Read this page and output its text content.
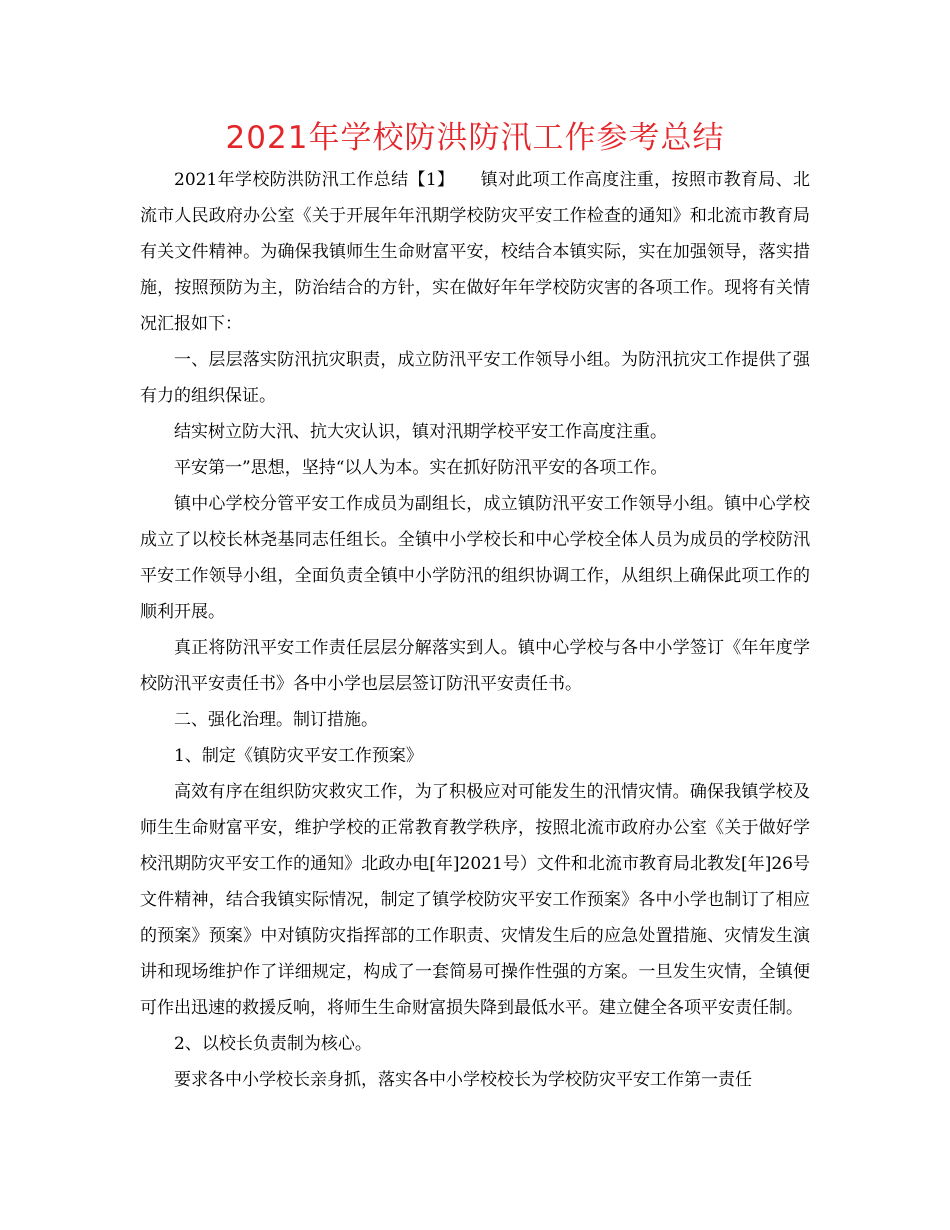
2021年学校防洪防汛工作参考总结

2021年学校防洪防汛工作总结【1】　　镇对此项工作高度注重，按照市教育局、北流市人民政府办公室《关于开展年年汛期学校防灾平安工作检查的通知》和北流市教育局有关文件精神。为确保我镇师生生命财富平安，校结合本镇实际，实在加强领导，落实措施，按照预防为主，防治结合的方针，实在做好年年学校防灾害的各项工作。现将有关情况汇报如下：

一、层层落实防汛抗灾职责，成立防汛平安工作领导小组。为防汛抗灾工作提供了强有力的组织保证。

结实树立防大汛、抗大灾认识，镇对汛期学校平安工作高度注重。

平安第一”思想，坚持“以人为本。实在抓好防汛平安的各项工作。

镇中心学校分管平安工作成员为副组长，成立镇防汛平安工作领导小组。镇中心学校成立了以校长林尧基同志任组长。全镇中小学校长和中心学校全体人员为成员的学校防汛平安工作领导小组，全面负责全镇中小学防汛的组织协调工作，从组织上确保此项工作的顺利开展。

真正将防汛平安工作责任层层分解落实到人。镇中心学校与各中小学签订《年年度学校防汛平安责任书》各中小学也层层签订防汛平安责任书。

二、强化治理。制订措施。

1、制定《镇防灾平安工作预案》

高效有序在组织防灾救灾工作，为了积极应对可能发生的汛情灾情。确保我镇学校及师生生命财富平安，维护学校的正常教育教学秩序，按照北流市政府办公室《关于做好学校汛期防灾平安工作的通知》北政办电[年]2021号）文件和北流市教育局北教发[年]26号文件精神，结合我镇实际情况，制定了镇学校防灾平安工作预案》各中小学也制订了相应的预案》预案》中对镇防灾指挥部的工作职责、灾情发生后的应急处置措施、灾情发生演讲和现场维护作了详细规定，构成了一套简易可操作性强的方案。一旦发生灾情，全镇便可作出迅速的救援反响，将师生生命财富损失降到最低水平。建立健全各项平安责任制。

2、以校长负责制为核心。

要求各中小学校长亲身抓，落实各中小学校校长为学校防灾平安工作第一责任
